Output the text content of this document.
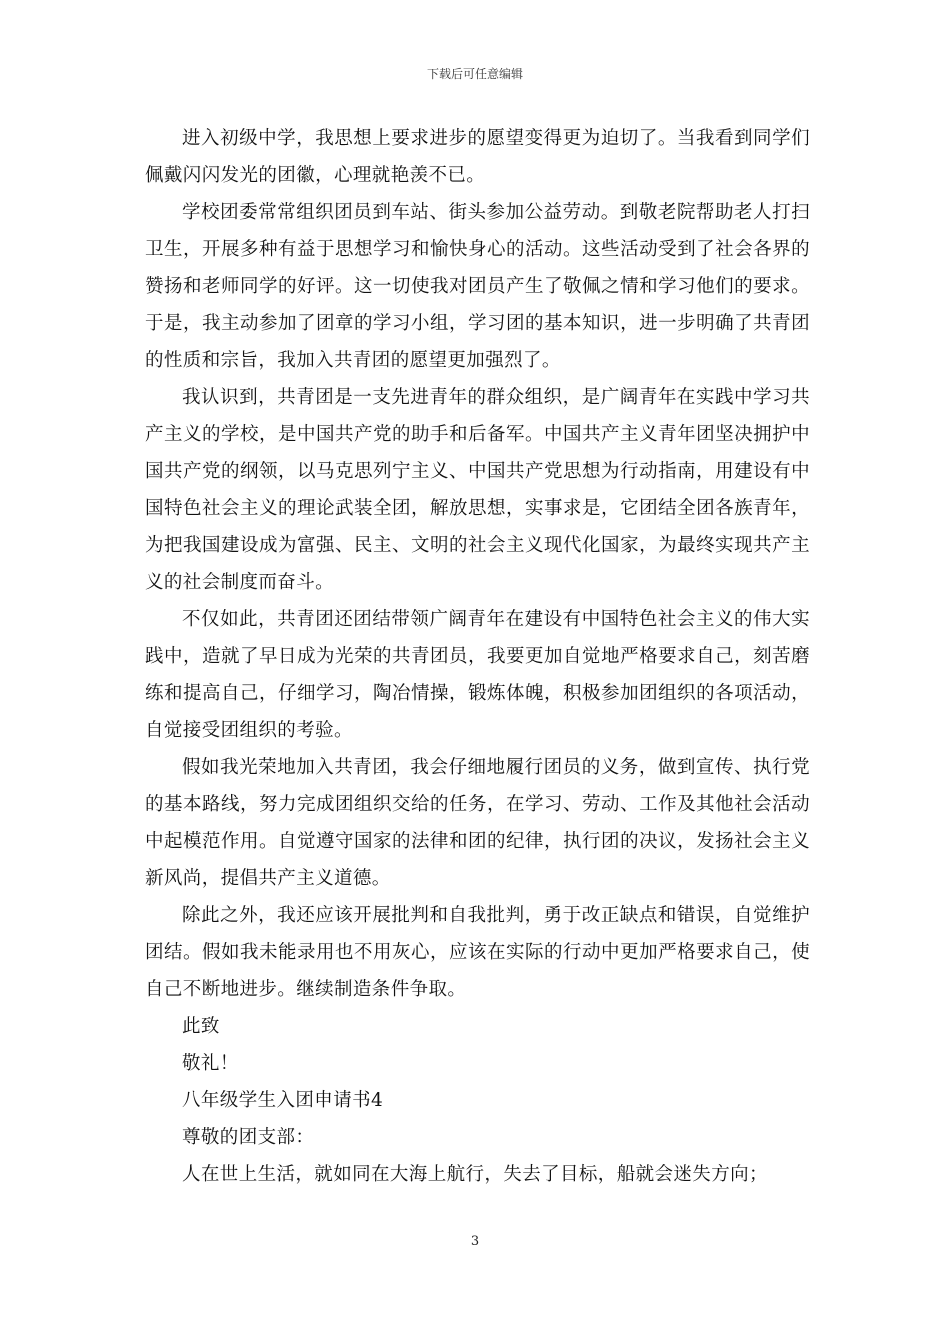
下载后可任意编辑

进入初级中学，我思想上要求进步的愿望变得更为迫切了。当我看到同学们佩戴闪闪发光的团徽，心理就艳羡不已。

学校团委常常组织团员到车站、街头参加公益劳动。到敬老院帮助老人打扫卫生，开展多种有益于思想学习和愉快身心的活动。这些活动受到了社会各界的赞扬和老师同学的好评。这一切使我对团员产生了敬佩之情和学习他们的要求。于是，我主动参加了团章的学习小组，学习团的基本知识，进一步明确了共青团的性质和宗旨，我加入共青团的愿望更加强烈了。

我认识到，共青团是一支先进青年的群众组织，是广阔青年在实践中学习共产主义的学校，是中国共产党的助手和后备军。中国共产主义青年团坚决拥护中国共产党的纲领，以马克思列宁主义、中国共产党思想为行动指南，用建设有中国特色社会主义的理论武装全团，解放思想，实事求是，它团结全团各族青年，为把我国建设成为富强、民主、文明的社会主义现代化国家，为最终实现共产主义的社会制度而奋斗。

不仅如此，共青团还团结带领广阔青年在建设有中国特色社会主义的伟大实践中，造就了早日成为光荣的共青团员，我要更加自觉地严格要求自己，刻苦磨练和提高自己，仔细学习，陶冶情操，锻炼体魄，积极参加团组织的各项活动，自觉接受团组织的考验。

假如我光荣地加入共青团，我会仔细地履行团员的义务，做到宣传、执行党的基本路线，努力完成团组织交给的任务，在学习、劳动、工作及其他社会活动中起模范作用。自觉遵守国家的法律和团的纪律，执行团的决议，发扬社会主义新风尚，提倡共产主义道德。

除此之外，我还应该开展批判和自我批判，勇于改正缺点和错误，自觉维护团结。假如我未能录用也不用灰心，应该在实际的行动中更加严格要求自己，使自己不断地进步。继续制造条件争取。

此致

敬礼！

八年级学生入团申请书4

尊敬的团支部：

人在世上生活，就如同在大海上航行，失去了目标，船就会迷失方向；

3
